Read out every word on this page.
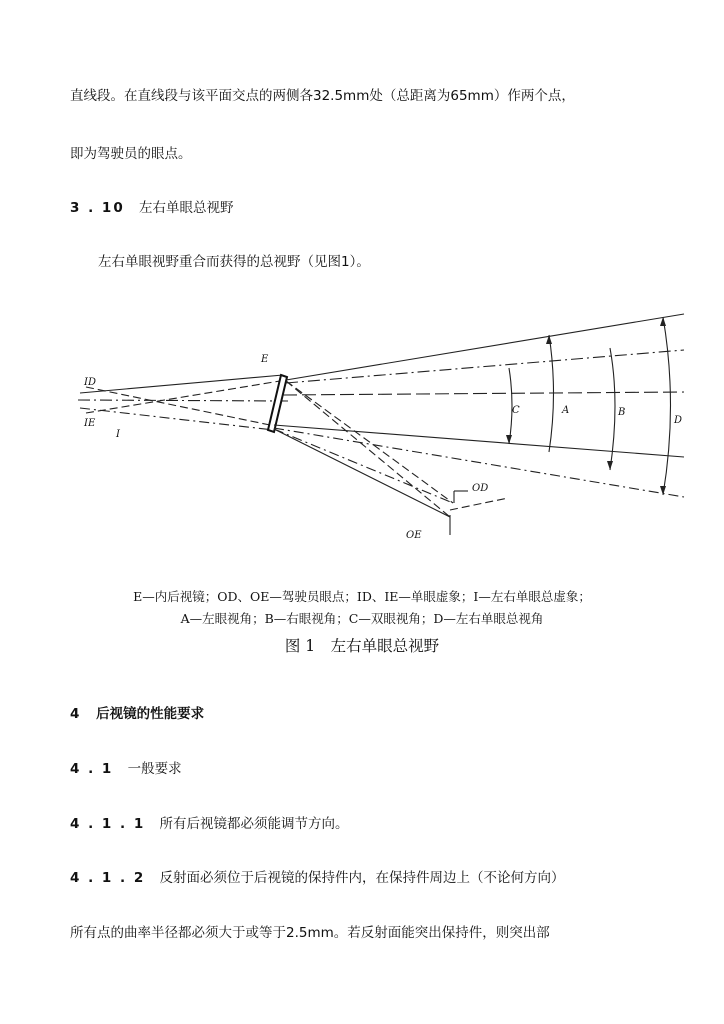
直线段。在直线段与该平面交点的两侧各32.5mm处（总距离为65mm）作两个点，
即为驾驶员的眼点。
3 . 10 左右单眼总视野
左右单眼视野重合而获得的总视野（见图1）。
E
ID
IE
I
OD
OE
C	A	B
D
E—内后视镜；OD、OE—驾驶员眼点；ID、IE—单眼虚象；I—左右单眼总虚象；
A—左眼视角；B—右眼视角；C—双眼视角；D—左右单眼总视角
图 1　左右单眼总视野
4 后视镜的性能要求
4 . 1 一般要求
4 . 1 . 1 所有后视镜都必须能调节方向。
4 . 1 . 2 反射面必须位于后视镜的保持件内，在保持件周边上（不论何方向）
所有点的曲率半径都必须大于或等于2.5mm。若反射面能突出保持件，则突出部
